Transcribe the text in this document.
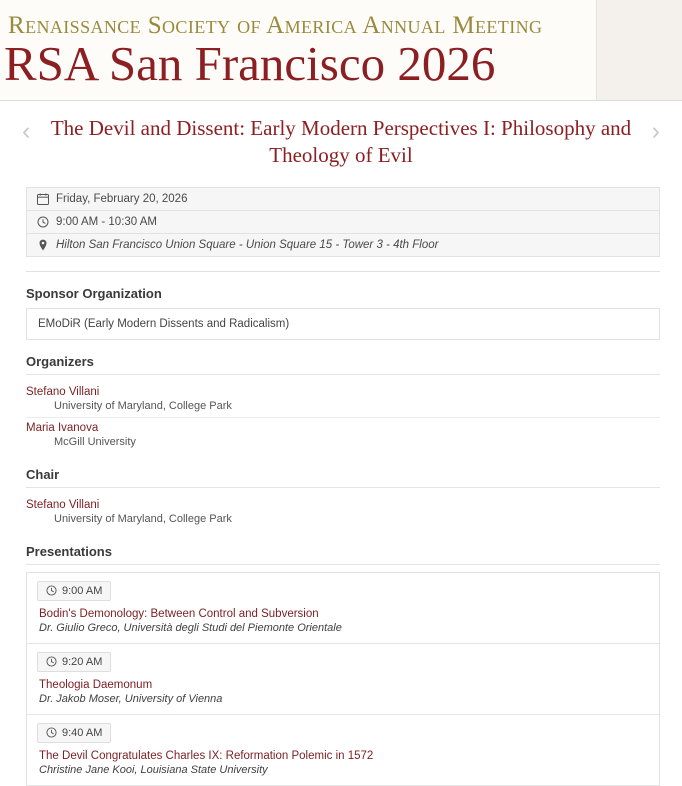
Renaissance Society of America Annual Meeting
RSA San Francisco 2026
‹	›
The Devil and Dissent: Early Modern Perspectives I: Philosophy and Theology of Evil
Friday, February 20, 2026
9:00 AM - 10:30 AM
Hilton San Francisco Union Square - Union Square 15 - Tower 3 - 4th Floor
Sponsor Organization
EMoDiR (Early Modern Dissents and Radicalism)
Organizers
Stefano Villani
University of Maryland, College Park
Maria Ivanova
McGill University
Chair
Stefano Villani
University of Maryland, College Park
Presentations
9:00 AM
Bodin's Demonology: Between Control and Subversion
Dr. Giulio Greco, Università degli Studi del Piemonte Orientale
9:20 AM
Theologia Daemonum
Dr. Jakob Moser, University of Vienna
9:40 AM
The Devil Congratulates Charles IX: Reformation Polemic in 1572
Christine Jane Kooi, Louisiana State University
